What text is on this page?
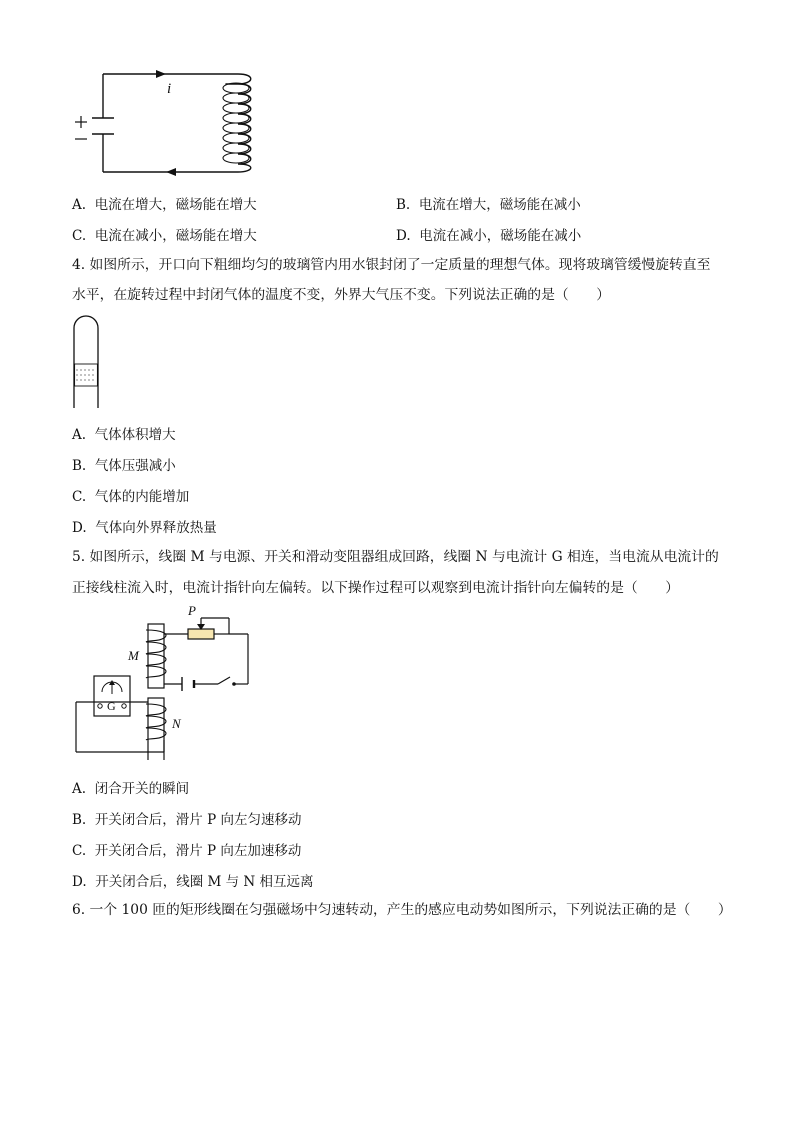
i
A. 电流在增大，磁场能在增大	B. 电流在增大，磁场能在减小
C. 电流在减小，磁场能在增大	D. 电流在减小，磁场能在减小
4. 如图所示，开口向下粗细均匀的玻璃管内用水银封闭了一定质量的理想气体。现将玻璃管缓慢旋转直至
水平，在旋转过程中封闭气体的温度不变，外界大气压不变。下列说法正确的是（　　）
A. 气体体积增大
B. 气体压强减小
C. 气体的内能增加
D. 气体向外界释放热量
5. 如图所示，线圈 M 与电源、开关和滑动变阻器组成回路，线圈 N 与电流计 G 相连，当电流从电流计的
正接线柱流入时，电流计指针向左偏转。以下操作过程可以观察到电流计指针向左偏转的是（　　）
G
P
M
N
A. 闭合开关的瞬间
B. 开关闭合后，滑片 P 向左匀速移动
C. 开关闭合后，滑片 P 向左加速移动
D. 开关闭合后，线圈 M 与 N 相互远离
6. 一个 100 匝的矩形线圈在匀强磁场中匀速转动，产生的感应电动势如图所示，下列说法正确的是（　　）
